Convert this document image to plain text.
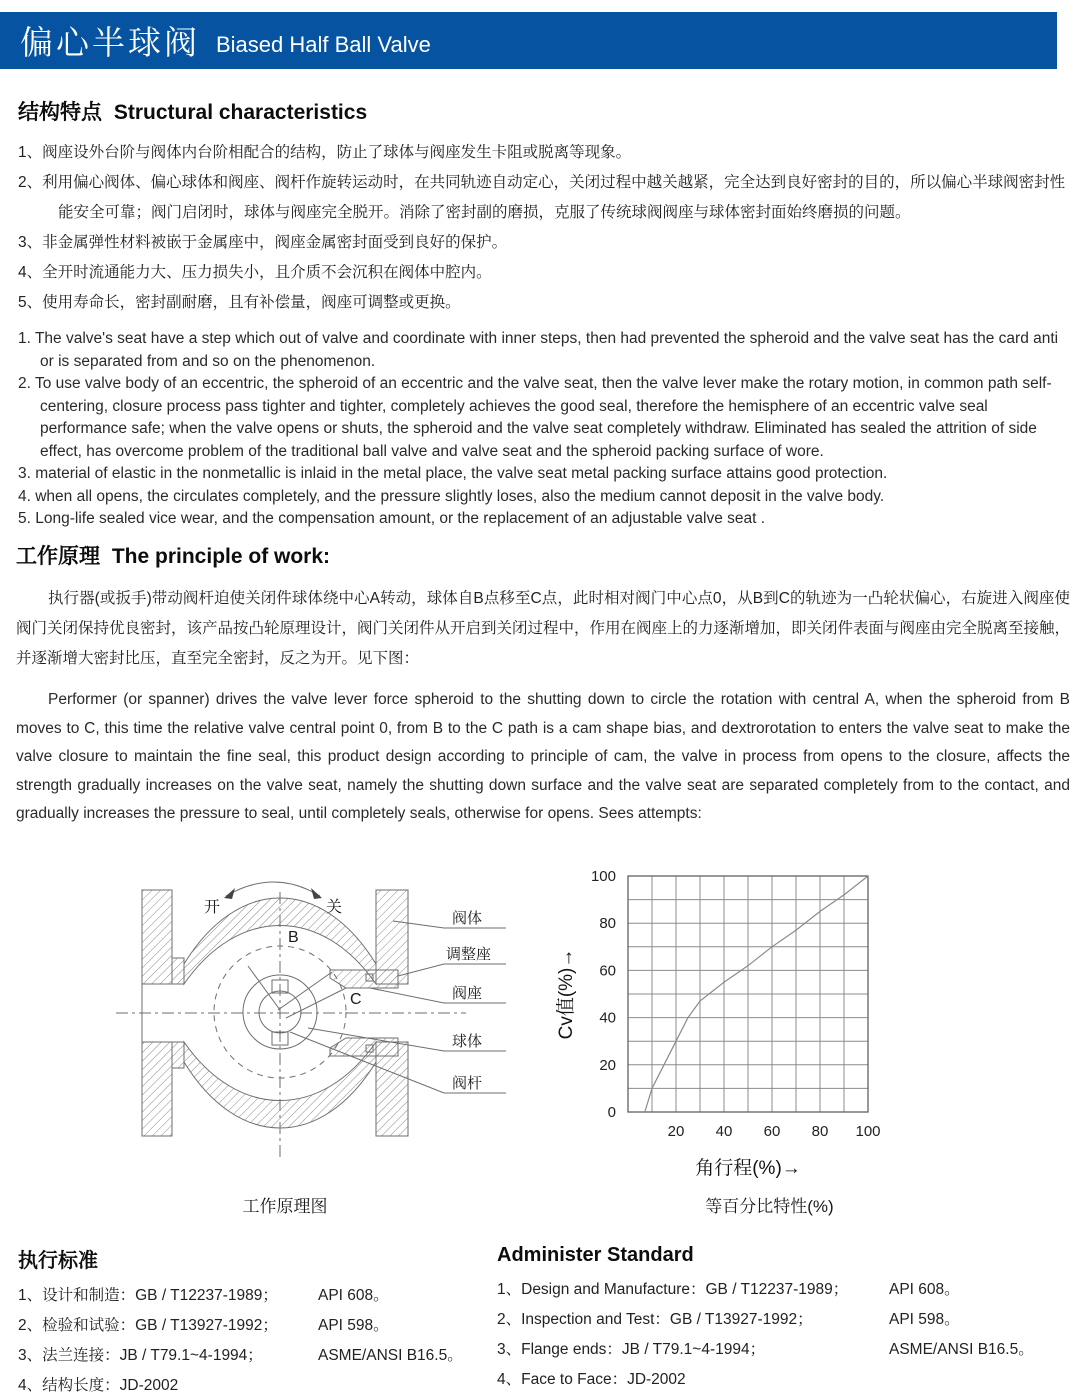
偏心半球阀 Biased Half Ball Valve
结构特点 Structural characteristics
1、阀座设外台阶与阀体内台阶相配合的结构，防止了球体与阀座发生卡阻或脱离等现象。
2、利用偏心阀体、偏心球体和阀座、阀杆作旋转运动时，在共同轨迹自动定心，关闭过程中越关越紧，完全达到良好密封的目的，所以偏心半球阀密封性能安全可靠；阀门启闭时，球体与阀座完全脱开。消除了密封副的磨损，克服了传统球阀阀座与球体密封面始终磨损的问题。
3、非金属弹性材料被嵌于金属座中，阀座金属密封面受到良好的保护。
4、全开时流通能力大、压力损失小，且介质不会沉积在阀体中腔内。
5、使用寿命长，密封副耐磨，且有补偿量，阀座可调整或更换。
1. The valve's seat have a step which out of valve and coordinate with inner steps, then had prevented the spheroid and the valve seat has the card anti or is separated from and so on the phenomenon.
2. To use valve body of an eccentric, the spheroid of an eccentric and the valve seat, then the valve lever make the rotary motion, in common path self-centering, closure process pass tighter and tighter, completely achieves the good seal, therefore the hemisphere of an eccentric valve seal performance safe; when the valve opens or shuts, the spheroid and the valve seat completely withdraw. Eliminated has sealed the attrition of side effect, has overcome problem of the traditional ball valve and valve seat and the spheroid packing surface of wore.
3. material of elastic in the nonmetallic is inlaid in the metal place, the valve seat metal packing surface attains good protection.
4. when all opens, the circulates completely, and the pressure slightly loses, also the medium cannot deposit in the valve body.
5. Long-life sealed vice wear, and the compensation amount, or the replacement of an adjustable valve seat .
工作原理 The principle of work:

执行器(或扳手)带动阀杆迫使关闭件球体绕中心A转动，球体自B点移至C点，此时相对阀门中心点0，从B到C的轨迹为一凸轮状偏心，右旋进入阀座使阀门关闭保持优良密封，该产品按凸轮原理设计，阀门关闭件从开启到关闭过程中，作用在阀座上的力逐渐增加，即关闭件表面与阀座由完全脱离至接触，并逐渐增大密封比压，直至完全密封，反之为开。见下图：

Performer (or spanner) drives the valve lever force spheroid to the shutting down to circle the rotation with central A, when the spheroid from B moves to C, this time the relative valve central point 0, from B to the C path is a cam shape bias, and dextrorotation to enters the valve seat to make the valve closure to maintain the fine seal, this product design according to principle of cam, the valve in process from opens to the closure, affects the strength gradually increases on the valve seat, namely the shutting down surface and the valve seat are separated completely from to the contact, and gradually increases the pressure to seal, until completely seals, otherwise for opens. Sees attempts:

开	关
B
C
阀体
调整座
阀座
球体
阀杆
20 40 60 80 100
0
20
40
60
80
100
Cv值(%)→
角行程(%)→
工作原理图	等百分比特性(%)
执行标准
1、设计和制造：GB / T12237-1989；	API 608。
2、检验和试验：GB / T13927-1992；	API 598。
3、法兰连接：JB / T79.1~4-1994；	ASME/ANSI B16.5。
4、结构长度：JD-2002
Administer Standard
1、Design and Manufacture：GB / T12237-1989；	API 608。
2、Inspection and Test：GB / T13927-1992；	API 598。
3、Flange ends：JB / T79.1~4-1994；	ASME/ANSI B16.5。
4、Face to Face：JD-2002
